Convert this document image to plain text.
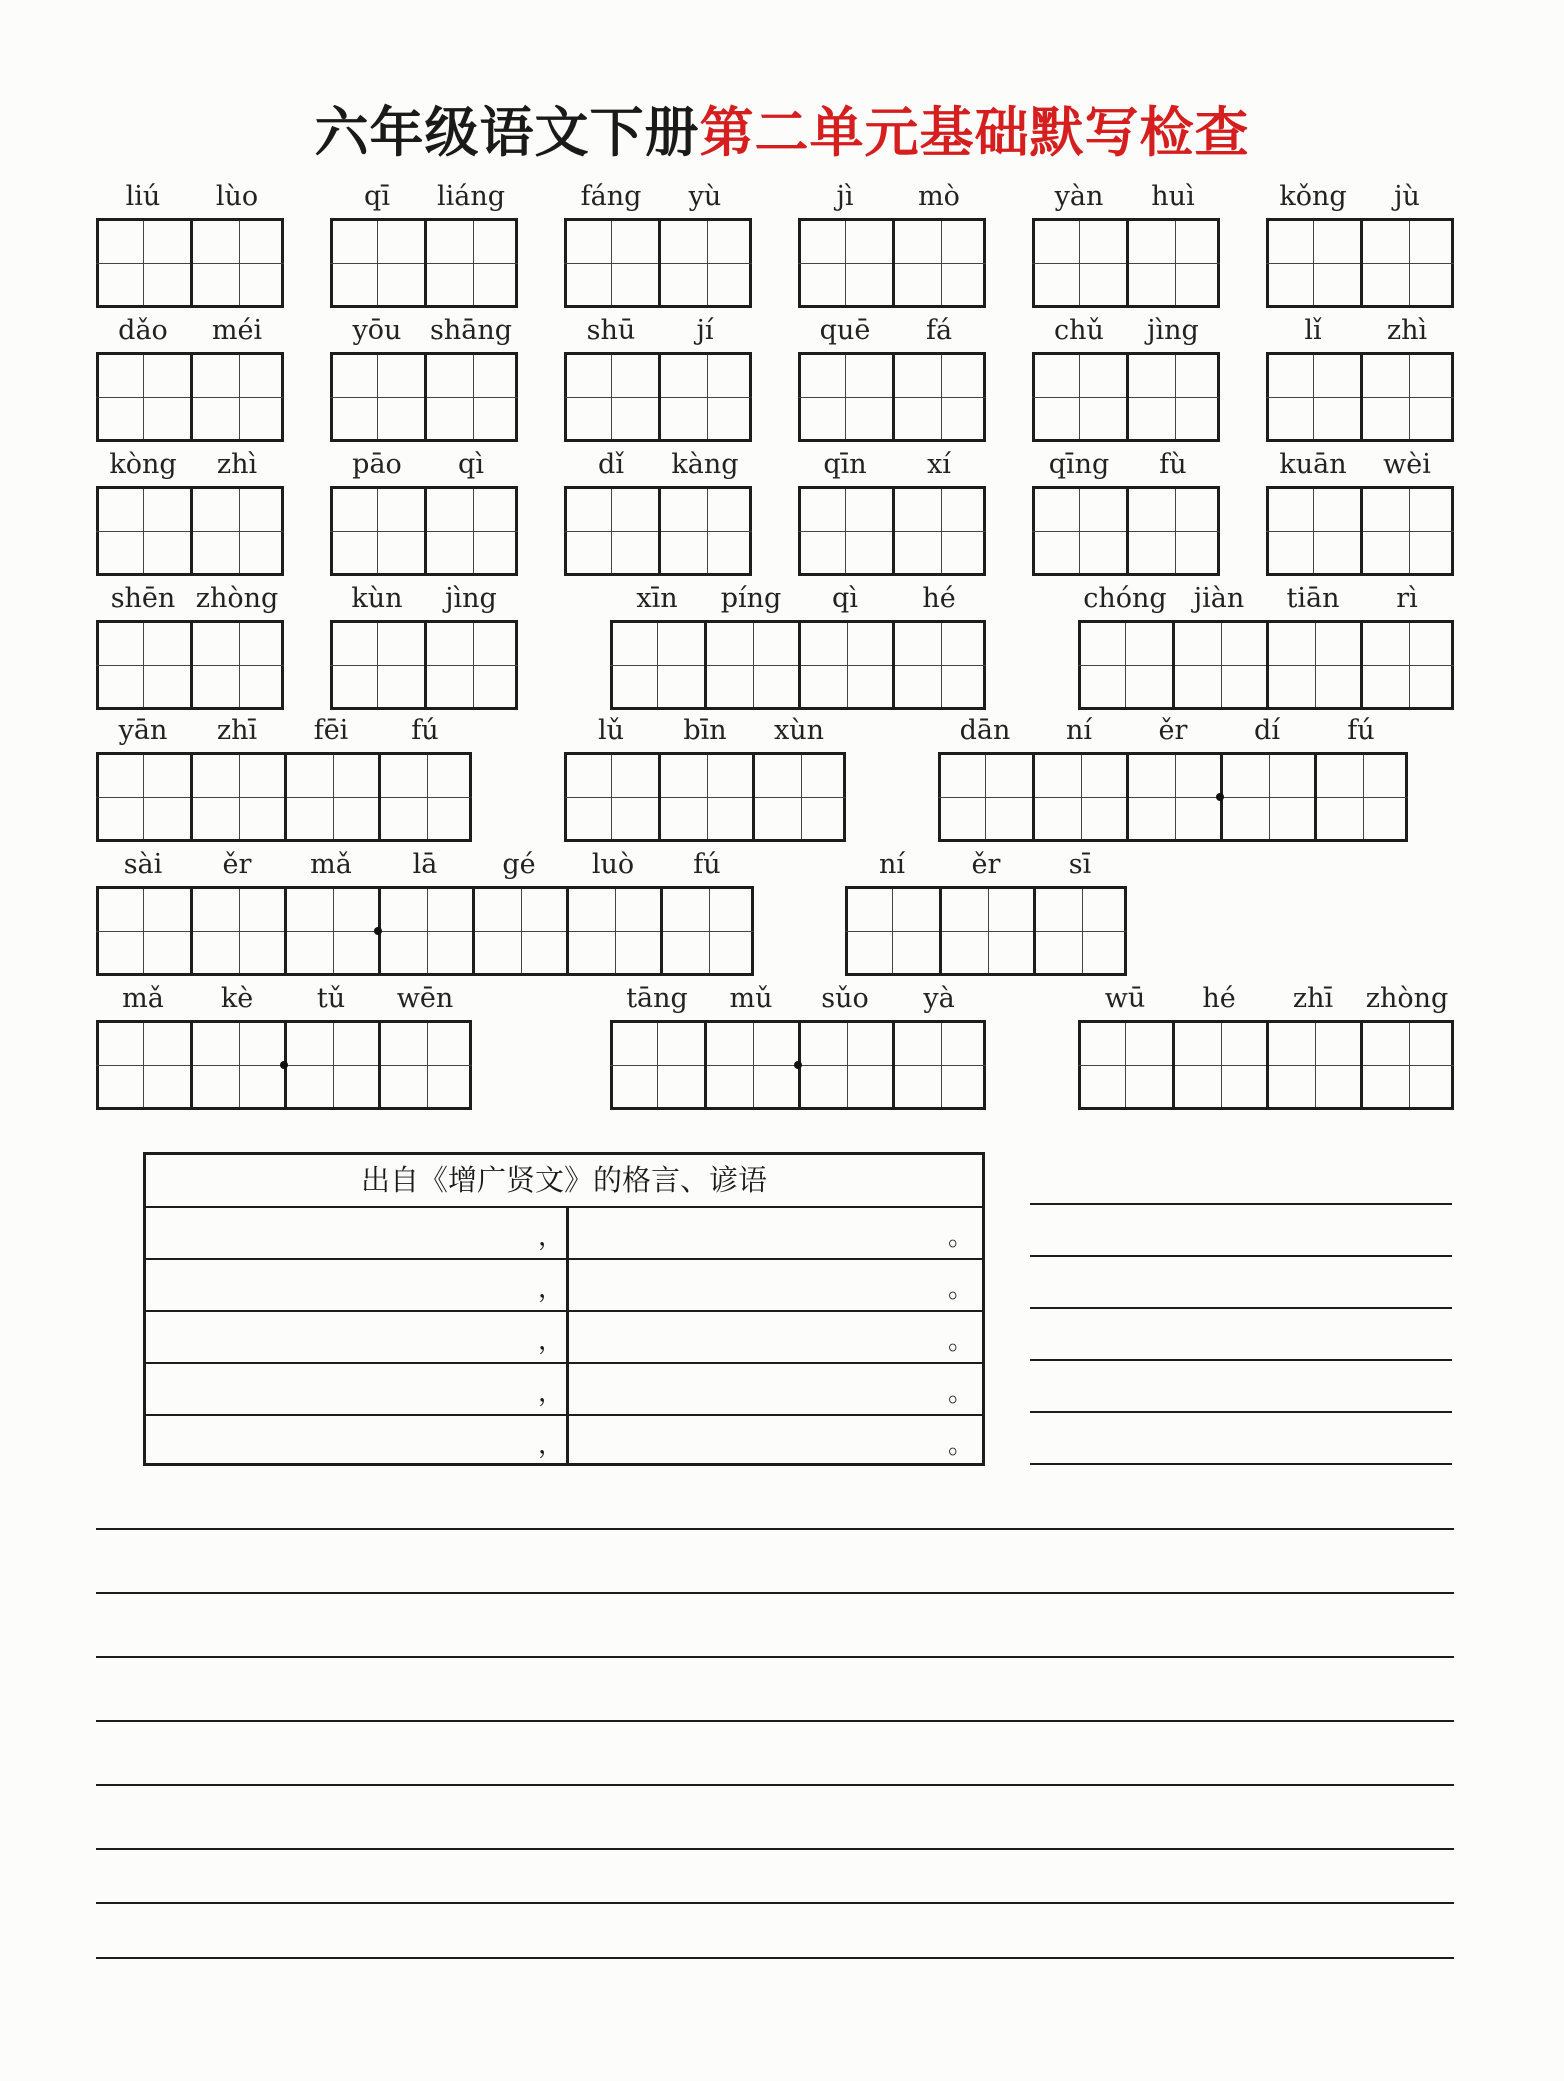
六年级语文下册第二单元基础默写检查
liú lùo	qī liáng	fáng yù	jì mò	yàn huì	kǒng jù
dǎo méi	yōu shāng	shū jí	quē fá	chǔ jìng	lǐ zhì
kòng zhì	pāo qì	dǐ kàng	qīn xí	qīng fù	kuān wèi
shēn zhòng	kùn jìng	xīn píng qì hé	chóng jiàn tiān rì
yān zhī fēi fú	lǔ bīn xùn	dān ní ěr dí fú
sài ěr mǎ lā gé luò fú	ní ěr	sī
mǎ kè tǔ wēn	tāng mǔ sǔo yà	wū hé zhī zhòng
出自《增广贤文》的格言、谚语
，	。
，	。
，	。
，	。
，	。
